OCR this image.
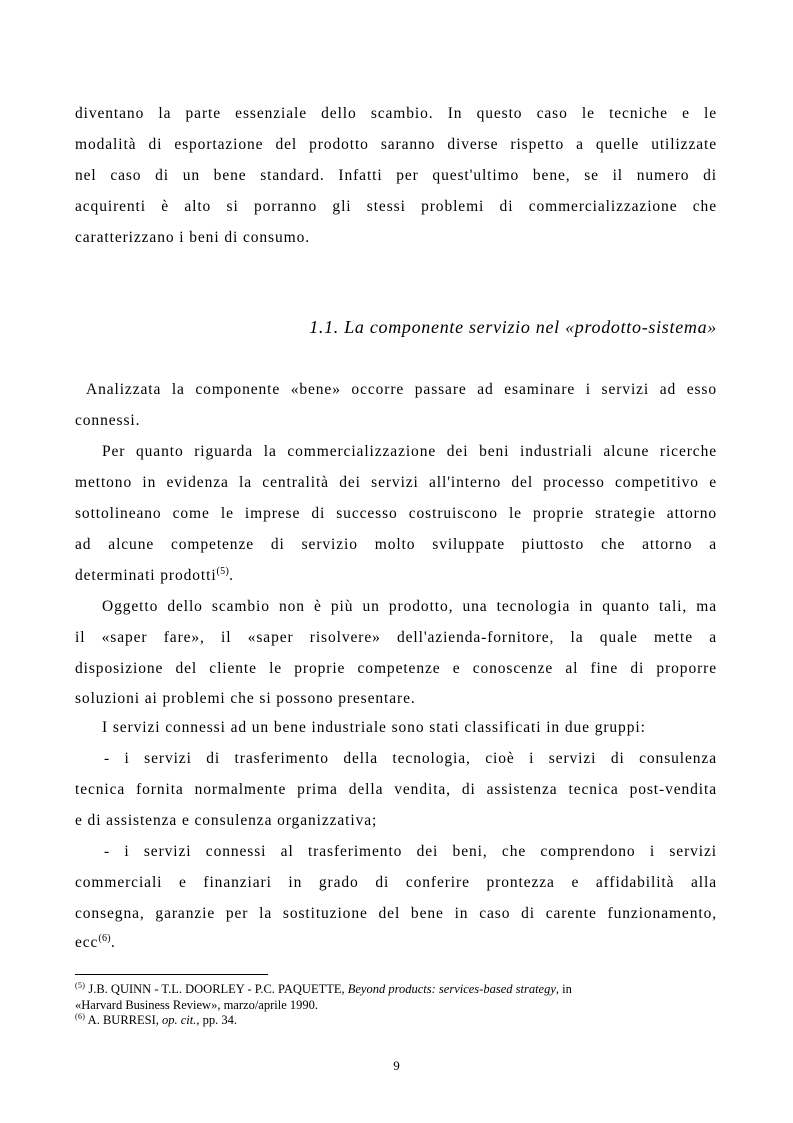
diventano la parte essenziale dello scambio. In questo caso le tecniche e le
modalità di esportazione del prodotto saranno diverse rispetto a quelle utilizzate
nel caso di un bene standard. Infatti per quest'ultimo bene, se il numero di
acquirenti è alto si porranno gli stessi problemi di commercializzazione che
caratterizzano i beni di consumo.
1.1. La componente servizio nel «prodotto-sistema»
Analizzata la componente «bene» occorre passare ad esaminare i servizi ad esso
connessi.
Per quanto riguarda la commercializzazione dei beni industriali alcune ricerche
mettono in evidenza la centralità dei servizi all'interno del processo competitivo e
sottolineano come le imprese di successo costruiscono le proprie strategie attorno
ad alcune competenze di servizio molto sviluppate piuttosto che attorno a
determinati prodotti$^{(5)}$.
Oggetto dello scambio non è più un prodotto, una tecnologia in quanto tali, ma
il «saper fare», il «saper risolvere» dell'azienda-fornitore, la quale mette a
disposizione del cliente le proprie competenze e conoscenze al fine di proporre
soluzioni ai problemi che si possono presentare.
I servizi connessi ad un bene industriale sono stati classificati in due gruppi:
- i servizi di trasferimento della tecnologia, cioè i servizi di consulenza
tecnica fornita normalmente prima della vendita, di assistenza tecnica post-vendita
e di assistenza e consulenza organizzativa;
- i servizi connessi al trasferimento dei beni, che comprendono i servizi
commerciali e finanziari in grado di conferire prontezza e affidabilità alla
consegna, garanzie per la sostituzione del bene in caso di carente funzionamento,
ecc$^{(6)}$.
$^{(5)}$ J.B. QUINN - T.L. DOORLEY - P.C. PAQUETTE, Beyond products: services-based strategy, in
«Harvard Business Review», marzo/aprile 1990.
$^{(6)}$ A. BURRESI, op. cit., pp. 34.
9
